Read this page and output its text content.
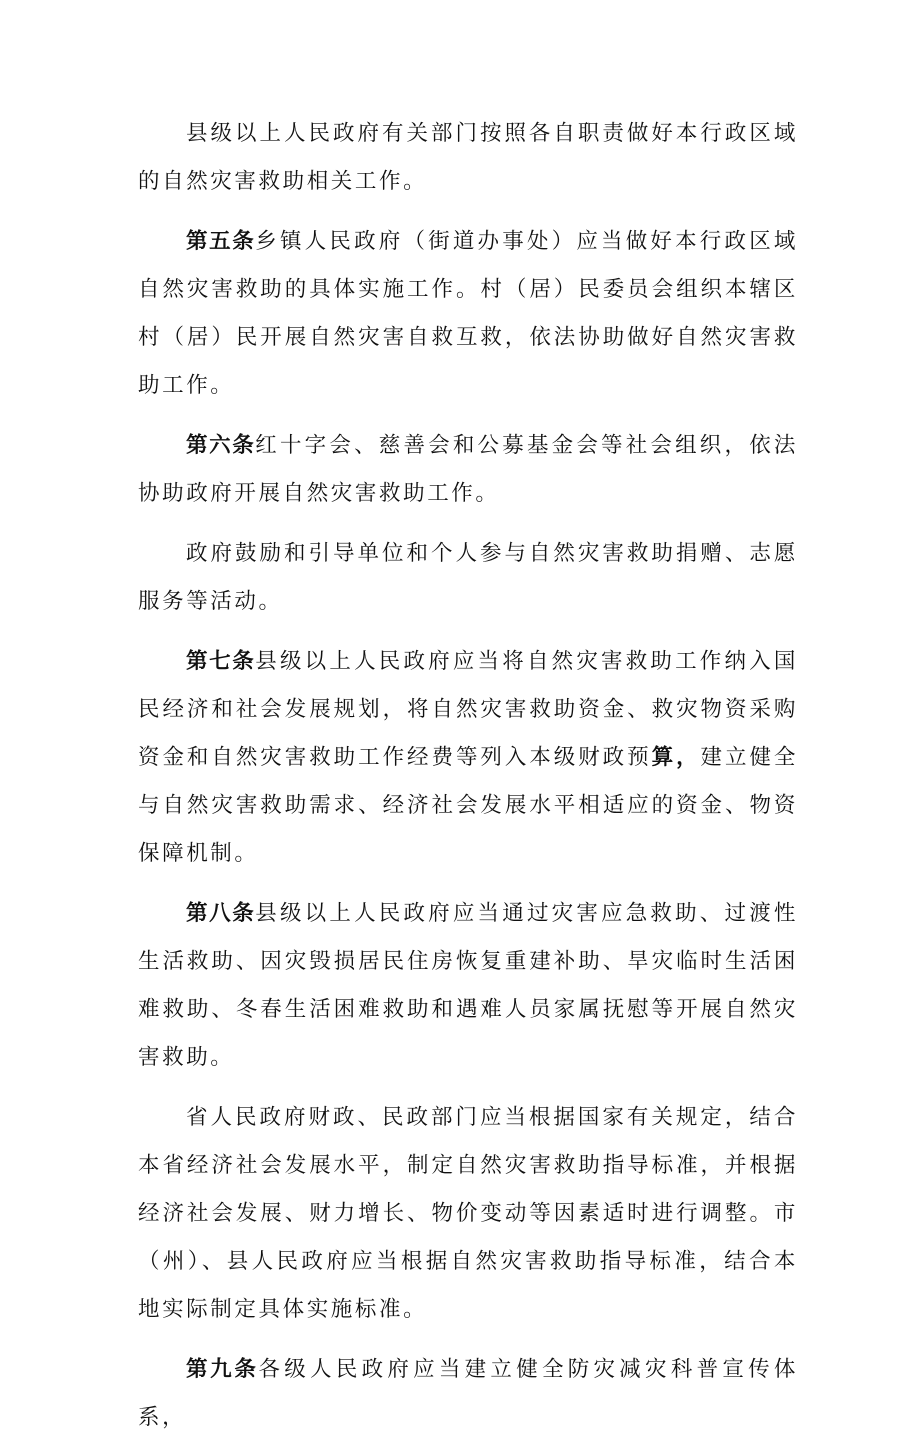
县级以上人民政府有关部门按照各自职责做好本行政区域的自然灾害救助相关工作。

第五条乡镇人民政府（街道办事处）应当做好本行政区域自然灾害救助的具体实施工作。村（居）民委员会组织本辖区村（居）民开展自然灾害自救互救，依法协助做好自然灾害救助工作。

第六条红十字会、慈善会和公募基金会等社会组织，依法协助政府开展自然灾害救助工作。

政府鼓励和引导单位和个人参与自然灾害救助捐赠、志愿服务等活动。

第七条县级以上人民政府应当将自然灾害救助工作纳入国民经济和社会发展规划，将自然灾害救助资金、救灾物资采购资金和自然灾害救助工作经费等列入本级财政预算，建立健全与自然灾害救助需求、经济社会发展水平相适应的资金、物资保障机制。

第八条县级以上人民政府应当通过灾害应急救助、过渡性生活救助、因灾毁损居民住房恢复重建补助、旱灾临时生活困难救助、冬春生活困难救助和遇难人员家属抚慰等开展自然灾害救助。

省人民政府财政、民政部门应当根据国家有关规定，结合本省经济社会发展水平，制定自然灾害救助指导标准，并根据经济社会发展、财力增长、物价变动等因素适时进行调整。市（州）、县人民政府应当根据自然灾害救助指导标准，结合本地实际制定具体实施标准。

第九条各级人民政府应当建立健全防灾减灾科普宣传体系，
